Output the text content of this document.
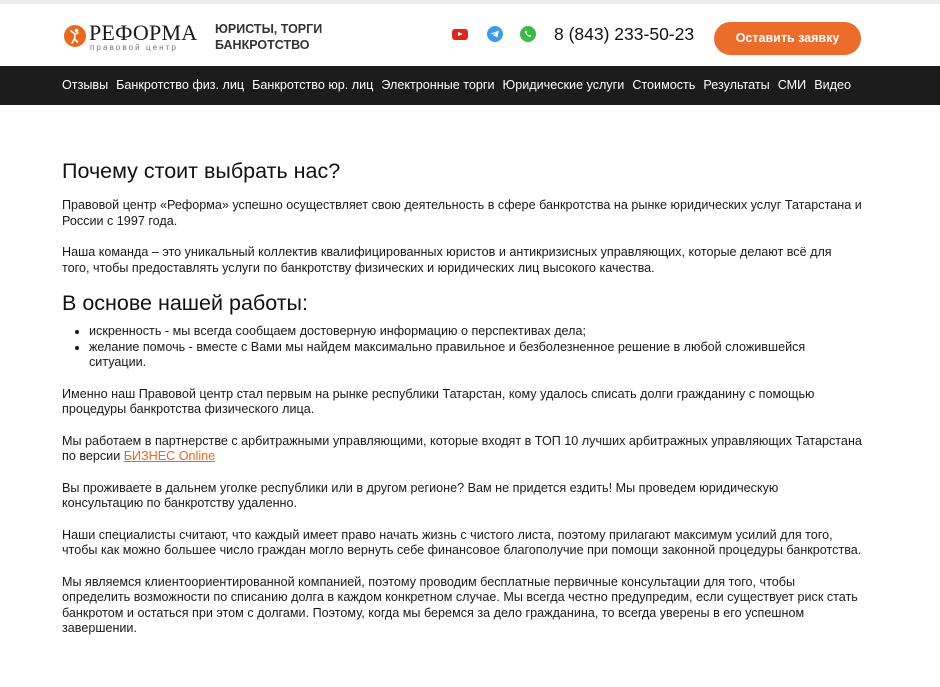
РЕФОРМА
правовой центр
ЮРИСТЫ, ТОРГИ
БАНКРОТСТВО
8 (843) 233-50-23	Оставить заявку
Отзывы Банкротство физ. лиц Банкротство юр. лиц Электронные торги Юридические услуги Стоимость Результаты СМИ Видео
Почему стоит выбрать нас?

Правовой центр «Реформа» успешно осуществляет свою деятельность в сфере банкротства на рынке юридических услуг Татарстана и России с 1997 года.

Наша команда – это уникальный коллектив квалифицированных юристов и антикризисных управляющих, которые делают всё для того, чтобы предоставлять услуги по банкротству физических и юридических лиц высокого качества.

В основе нашей работы:
• искренность - мы всегда сообщаем достоверную информацию о перспективах дела;
• желание помочь - вместе с Вами мы найдем максимально правильное и безболезненное решение в любой сложившейся ситуации.

Именно наш Правовой центр стал первым на рынке республики Татарстан, кому удалось списать долги гражданину с помощью процедуры банкротства физического лица.

Мы работаем в партнерстве с арбитражными управляющими, которые входят в ТОП 10 лучших арбитражных управляющих Татарстана по версии БИЗНЕС Online

Вы проживаете в дальнем уголке республики или в другом регионе? Вам не придется ездить! Мы проведем юридическую консультацию по банкротству удаленно.

Наши специалисты считают, что каждый имеет право начать жизнь с чистого листа, поэтому прилагают максимум усилий для того, чтобы как можно большее число граждан могло вернуть себе финансовое благополучие при помощи законной процедуры банкротства.

Мы являемся клиентоориентированной компанией, поэтому проводим бесплатные первичные консультации для того, чтобы определить возможности по списанию долга в каждом конкретном случае. Мы всегда честно предупредим, если существует риск стать банкротом и остаться при этом с долгами. Поэтому, когда мы беремся за дело гражданина, то всегда уверены в его успешном завершении.
